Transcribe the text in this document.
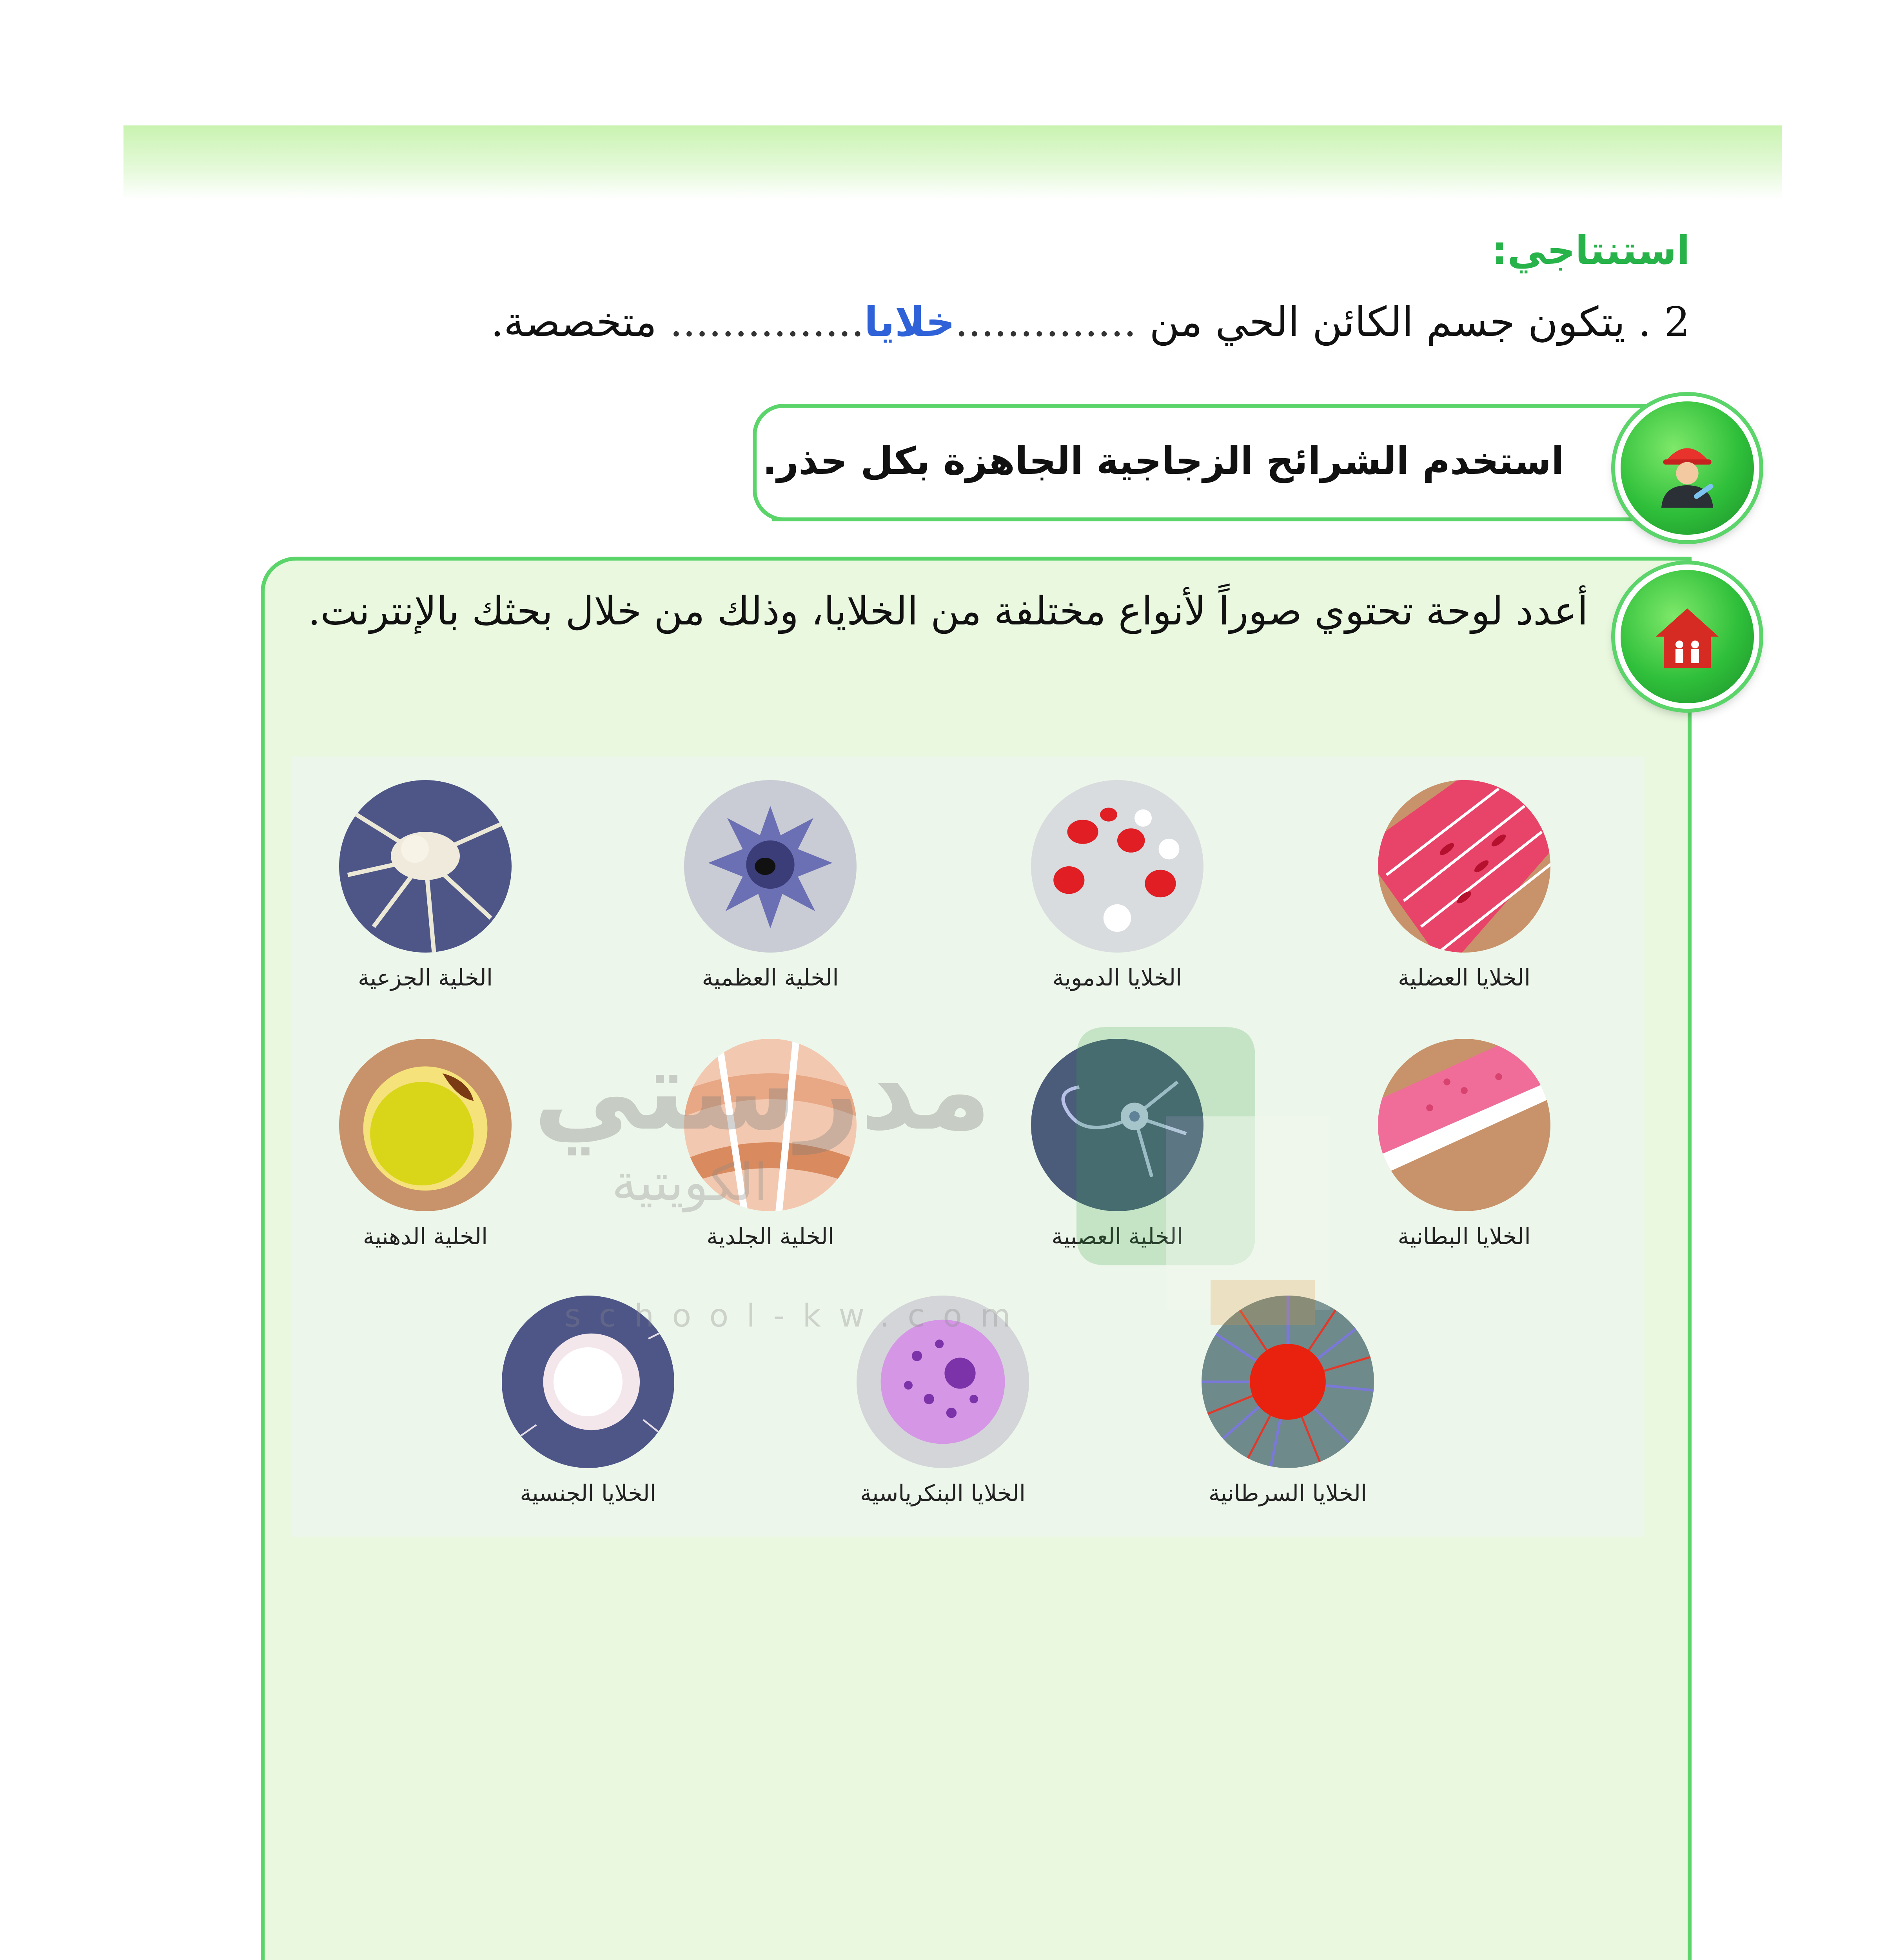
استنتاجي:
2 . يتكون جسم الكائن الحي من ..............خلايا............... متخصصة.
استخدم الشرائح الزجاجية الجاهزة بكل حذر.
أعدد لوحة تحتوي صوراً لأنواع مختلفة من الخلايا، وذلك من خلال بحثك بالإنترنت.
الخلايا العضلية
الخلايا الدموية
الخلية العظمية
الخلية الجزعية
الخلايا البطانية
الخلية العصبية
الخلية الجلدية
الخلية الدهنية
الخلايا السرطانية
الخلايا البنكرياسية
الخلايا الجنسية
مدرستي
الكويتية
school-kw.com
